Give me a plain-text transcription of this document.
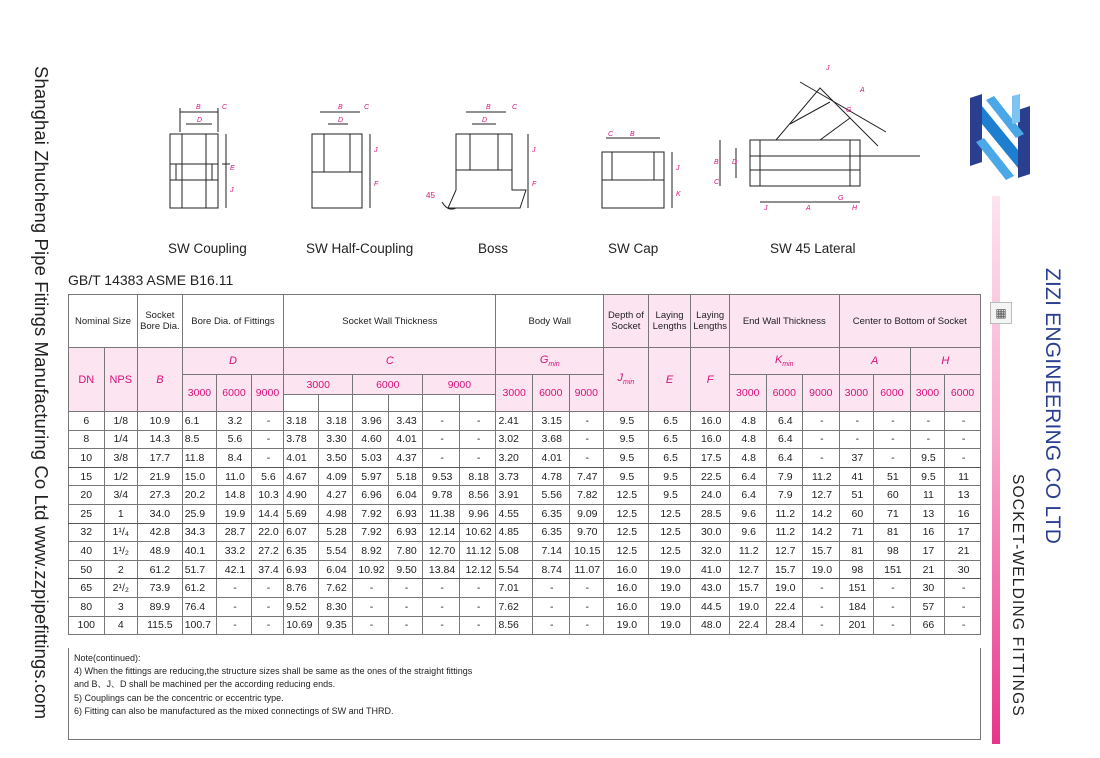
Shanghai Zhucheng Pipe Fitings Manufacturing Co Ltd www.zzpipefittings.com	▦ ZIZI ENGINEERING CO LTD
SOCKET-WELDING FITTINGS
B	C
D
E
J
B	C
D
J
F
B	C
D
J
F
45
C B
J
K
B D
C
J	A
G
H
G
A
J
SW Coupling	SW Half-Coupling	Boss	SW Cap	SW 45 Lateral
GB/T 14383 ASME B16.11
Nominal Size		Socket Bore Dia.	Bore Dia. of Fittings			Socket Wall Thickness						Body Wall			Depth of Socket	Laying Lengths	Laying Lengths	End Wall Thickness			Center to Bottom of Socket			
DN	NPS	B	D			C						$G_{min}$			$J_{min}$	E	F	$K_{min}$			A		H	
			3000	6000	9000	3000		6000		9000		3000	6000	9000				3000	6000	9000	3000	6000	3000	6000

6	1/8	10.9	6.1	3.2	-	3.18	3.18	3.96	3.43	-	-	2.41	3.15	-	9.5	6.5	16.0	4.8	6.4	-	-	-	-	-
8	1/4	14.3	8.5	5.6	-	3.78	3.30	4.60	4.01	-	-	3.02	3.68	-	9.5	6.5	16.0	4.8	6.4	-	-	-	-	-
10	3/8	17.7	11.8	8.4	-	4.01	3.50	5.03	4.37	-	-	3.20	4.01	-	9.5	6.5	17.5	4.8	6.4	-	37	-	9.5	-
15	1/2	21.9	15.0	11.0	5.6	4.67	4.09	5.97	5.18	9.53	8.18	3.73	4.78	7.47	9.5	9.5	22.5	6.4	7.9	11.2	41	51	9.5	11
20	3/4	27.3	20.2	14.8	10.3	4.90	4.27	6.96	6.04	9.78	8.56	3.91	5.56	7.82	12.5	9.5	24.0	6.4	7.9	12.7	51	60	11	13
25	1	34.0	25.9	19.9	14.4	5.69	4.98	7.92	6.93	11.38	9.96	4.55	6.35	9.09	12.5	12.5	28.5	9.6	11.2	14.2	60	71	13	16
32	1¹/₄	42.8	34.3	28.7	22.0	6.07	5.28	7.92	6.93	12.14	10.62	4.85	6.35	9.70	12.5	12.5	30.0	9.6	11.2	14.2	71	81	16	17
40	1¹/₂	48.9	40.1	33.2	27.2	6.35	5.54	8.92	7.80	12.70	11.12	5.08	7.14	10.15	12.5	12.5	32.0	11.2	12.7	15.7	81	98	17	21
50	2	61.2	51.7	42.1	37.4	6.93	6.04	10.92	9.50	13.84	12.12	5.54	8.74	11.07	16.0	19.0	41.0	12.7	15.7	19.0	98	151	21	30
65	2¹/₂	73.9	61.2	-	-	8.76	7.62	-	-	-	-	7.01	-	-	16.0	19.0	43.0	15.7	19.0	-	151	-	30	-
80	3	89.9	76.4	-	-	9.52	8.30	-	-	-	-	7.62	-	-	16.0	19.0	44.5	19.0	22.4	-	184	-	57	-
100	4	115.5	100.7	-	-	10.69	9.35	-	-	-	-	8.56	-	-	19.0	19.0	48.0	22.4	28.4	-	201	-	66	-
Note(continued):
4) When the fittings are reducing,the structure sizes shall be same as the ones of the straight fittings
and B、J、D shall be machined per the according reducing ends.
5) Couplings can be the concentric or eccentric type.
6) Fitting can also be manufactured as the mixed connectings of SW and THRD.
